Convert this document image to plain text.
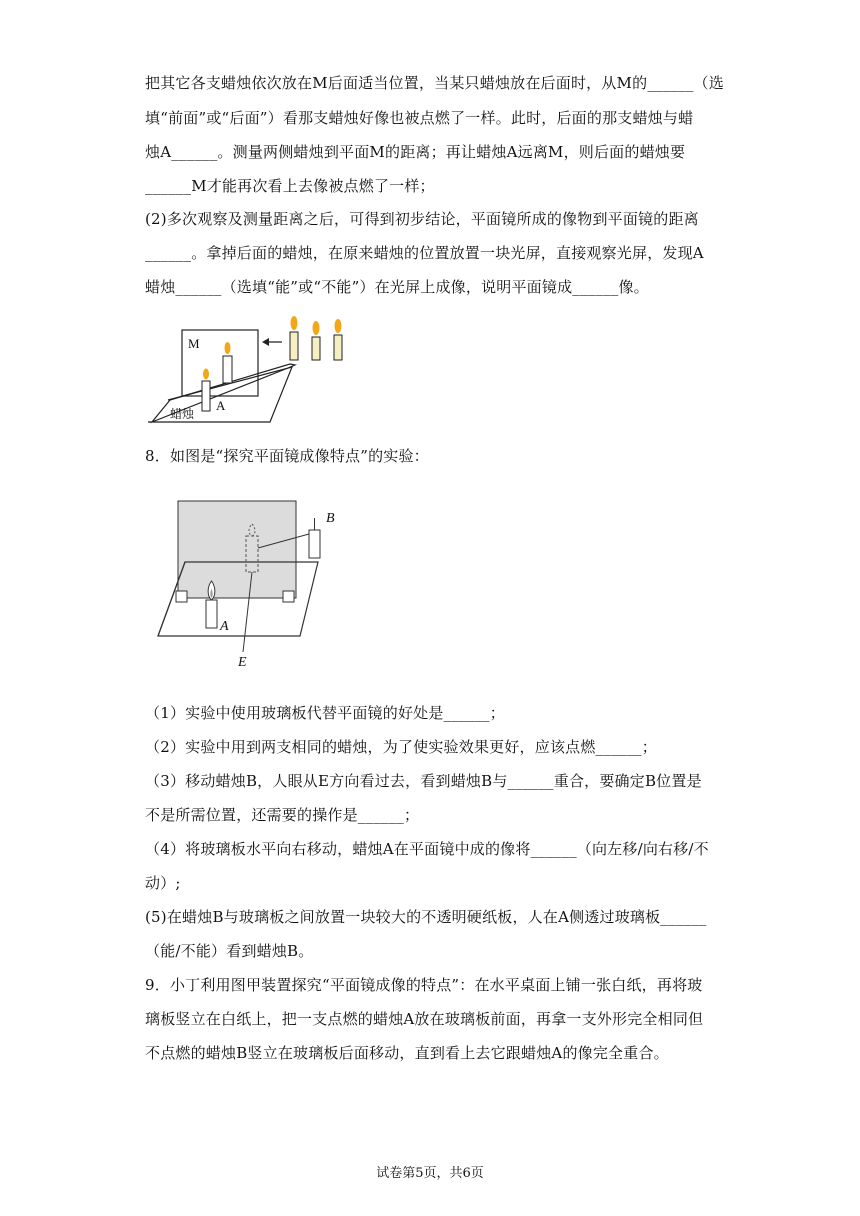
把其它各支蜡烛依次放在M后面适当位置，当某只蜡烛放在后面时，从M的______（选
填“前面”或“后面”）看那支蜡烛好像也被点燃了一样。此时，后面的那支蜡烛与蜡
烛A______。测量两侧蜡烛到平面M的距离；再让蜡烛A远离M，则后面的蜡烛要
______M才能再次看上去像被点燃了一样；
(2)多次观察及测量距离之后，可得到初步结论，平面镜所成的像物到平面镜的距离
______。拿掉后面的蜡烛，在原来蜡烛的位置放置一块光屏，直接观察光屏，发现A
蜡烛______（选填“能”或“不能”）在光屏上成像，说明平面镜成______像。
M
A
蜡烛
8．如图是“探究平面镜成像特点”的实验：
B
A
E
（1）实验中使用玻璃板代替平面镜的好处是______；
（2）实验中用到两支相同的蜡烛，为了使实验效果更好，应该点燃______；
（3）移动蜡烛B，人眼从E方向看过去，看到蜡烛B与______重合，要确定B位置是
不是所需位置，还需要的操作是______；
（4）将玻璃板水平向右移动，蜡烛A在平面镜中成的像将______（向左移/向右移/不
动）;
(5)在蜡烛B与玻璃板之间放置一块较大的不透明硬纸板，人在A侧透过玻璃板______
（能/不能）看到蜡烛B。
9．小丁利用图甲装置探究“平面镜成像的特点”：在水平桌面上铺一张白纸，再将玻
璃板竖立在白纸上，把一支点燃的蜡烛A放在玻璃板前面，再拿一支外形完全相同但
不点燃的蜡烛B竖立在玻璃板后面移动，直到看上去它跟蜡烛A的像完全重合。
试卷第5页，共6页
